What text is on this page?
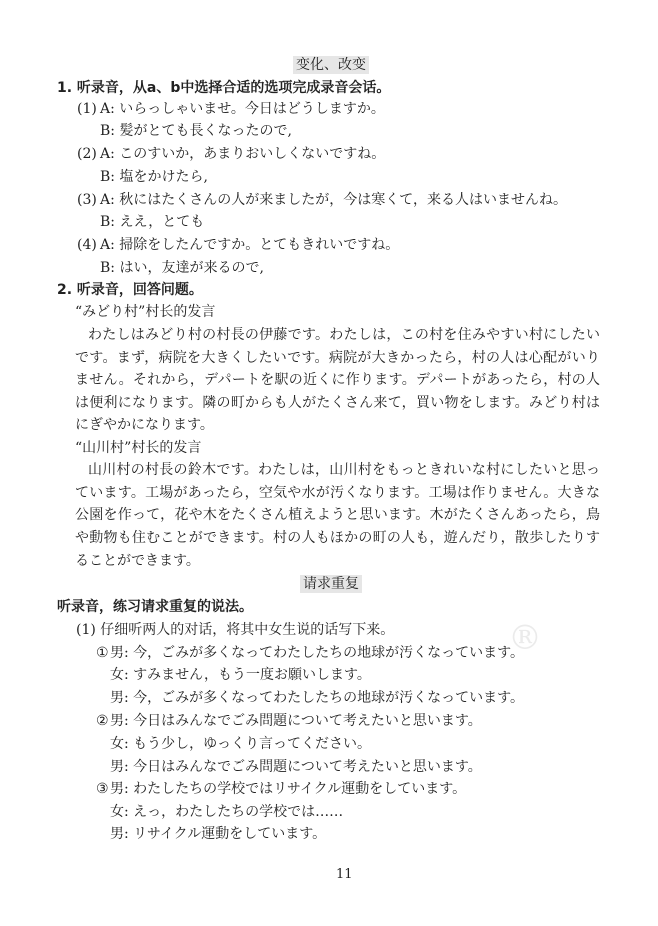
®
变化、改变
1. 听录音，从a、b中选择合适的选项完成录音会话。
(1) A: いらっしゃいませ。今日はどうしますか。
B: 髪がとても長くなったので,
(2) A: このすいか，あまりおいしくないですね。
B: 塩をかけたら,
(3) A: 秋にはたくさんの人が来ましたが，今は寒くて，来る人はいませんね。
B: ええ，とても
(4) A: 掃除をしたんですか。とてもきれいですね。
B: はい，友達が来るので,
2. 听录音，回答问题。
“みどり村”村长的发言
わたしはみどり村の村長の伊藤です。わたしは，この村を住みやすい村にしたい
です。まず，病院を大きくしたいです。病院が大きかったら，村の人は心配がいり
ません。それから，デパートを駅の近くに作ります。デパートがあったら，村の人
は便利になります。隣の町からも人がたくさん来て，買い物をします。みどり村は
にぎやかになります。
“山川村”村长的发言
山川村の村長の鈴木です。わたしは，山川村をもっときれいな村にしたいと思っ
ています。工場があったら，空気や水が汚くなります。工場は作りません。大きな
公園を作って，花や木をたくさん植えようと思います。木がたくさんあったら，鳥
や動物も住むことができます。村の人もほかの町の人も，遊んだり，散歩したりす
ることができます。
请求重复
听录音，练习请求重复的说法。
(1) 仔细听两人的对话，将其中女生说的话写下来。
① 男: 今，ごみが多くなってわたしたちの地球が汚くなっています。
女: すみません，もう一度お願いします。
男: 今，ごみが多くなってわたしたちの地球が汚くなっています。
② 男: 今日はみんなでごみ問題について考えたいと思います。
女: もう少し，ゆっくり言ってください。
男: 今日はみんなでごみ問題について考えたいと思います。
③ 男: わたしたちの学校ではリサイクル運動をしています。
女: えっ，わたしたちの学校では……
男: リサイクル運動をしています。
11
